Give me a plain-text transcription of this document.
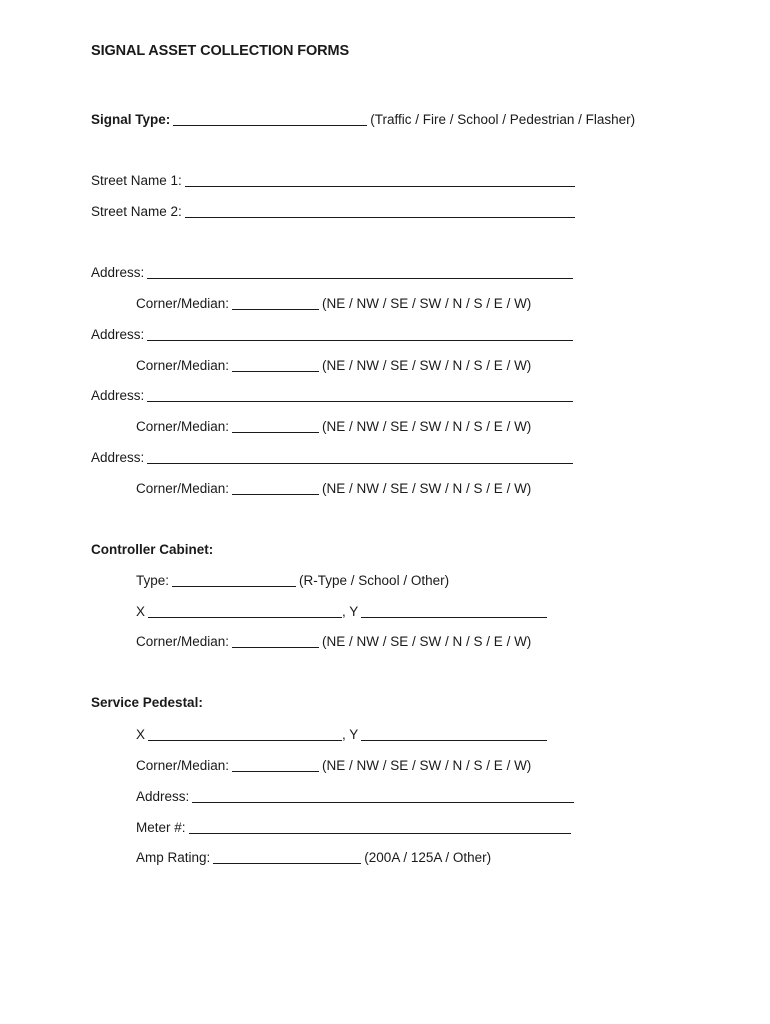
SIGNAL ASSET COLLECTION FORMS
Signal Type:	(Traffic / Fire / School / Pedestrian / Flasher)
Street Name 1:
Street Name 2:
Address:
Corner/Median:	(NE / NW / SE / SW / N / S / E / W)
Address:
Corner/Median:	(NE / NW / SE / SW / N / S / E / W)
Address:
Corner/Median:	(NE / NW / SE / SW / N / S / E / W)
Address:
Corner/Median:	(NE / NW / SE / SW / N / S / E / W)
Controller Cabinet:
Type:	(R-Type / School / Other)
X	, Y
Corner/Median:	(NE / NW / SE / SW / N / S / E / W)
Service Pedestal:
X	, Y
Corner/Median:	(NE / NW / SE / SW / N / S / E / W)
Address:
Meter #:
Amp Rating:	(200A / 125A / Other)
